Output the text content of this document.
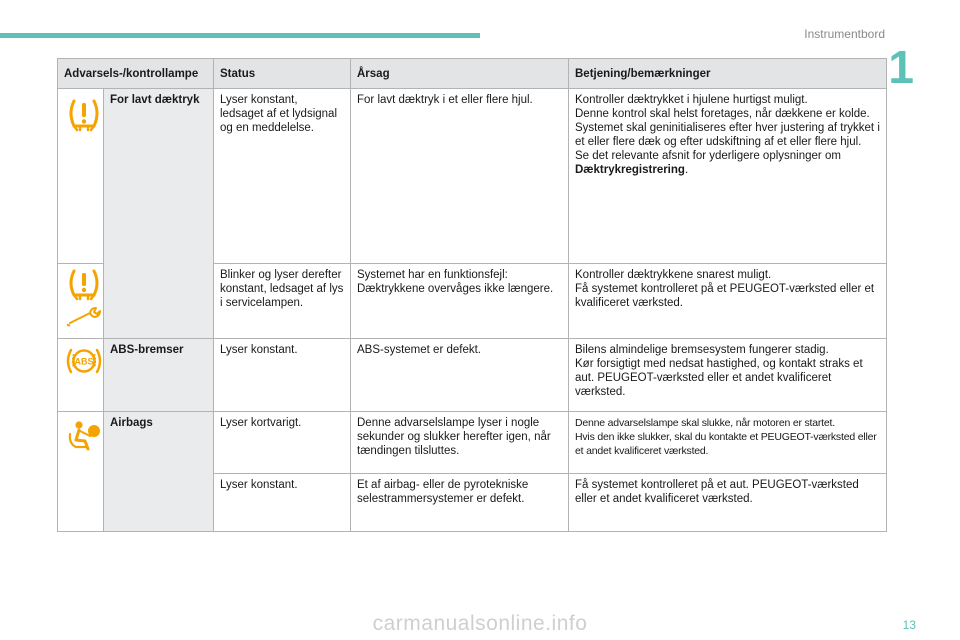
Instrumentbord
1
Advarsels-/kontrollampe		Status	Årsag	Betjening/bemærkninger

	For lavt dæktryk	Lyser konstant, ledsaget af et lydsignal og en meddelelse.	For lavt dæktryk i et eller flere hjul.	Kontroller dæktrykket i hjulene hurtigst muligt.
Denne kontrol skal helst foretages, når dækkene er kolde.
Systemet skal geninitialiseres efter hver justering af trykket i et eller flere dæk og efter udskiftning af et eller flere hjul.
Se det relevante afsnit for yderligere oplysninger om
Dæktrykregistrering.

	Blinker og lyser derefter konstant, ledsaget af lys i servicelampen.	Systemet har en funktionsfejl: Dæktrykkene overvåges ikke længere.	Kontroller dæktrykkene snarest muligt.
Få systemet kontrolleret på et PEUGEOT-værksted eller et kvalificeret værksted.

ABS	ABS-bremser	Lyser konstant.	ABS-systemet er defekt.	Bilens almindelige bremsesystem fungerer stadig.
Kør forsigtigt med nedsat hastighed, og kontakt straks et aut. PEUGEOT-værksted eller et andet kvalificeret værksted.

	Airbags	Lyser kortvarigt.	Denne advarselslampe lyser i nogle sekunder og slukker herefter igen, når tændingen tilsluttes.	Denne advarselslampe skal slukke, når motoren er startet.
Hvis den ikke slukker, skal du kontakte et PEUGEOT-værksted eller et andet kvalificeret værksted.
		Lyser konstant.	Et af airbag- eller de pyrotekniske selestrammersystemer er defekt.	Få systemet kontrolleret på et aut. PEUGEOT-værksted eller et andet kvalificeret værksted.
13
carmanualsonline.info
